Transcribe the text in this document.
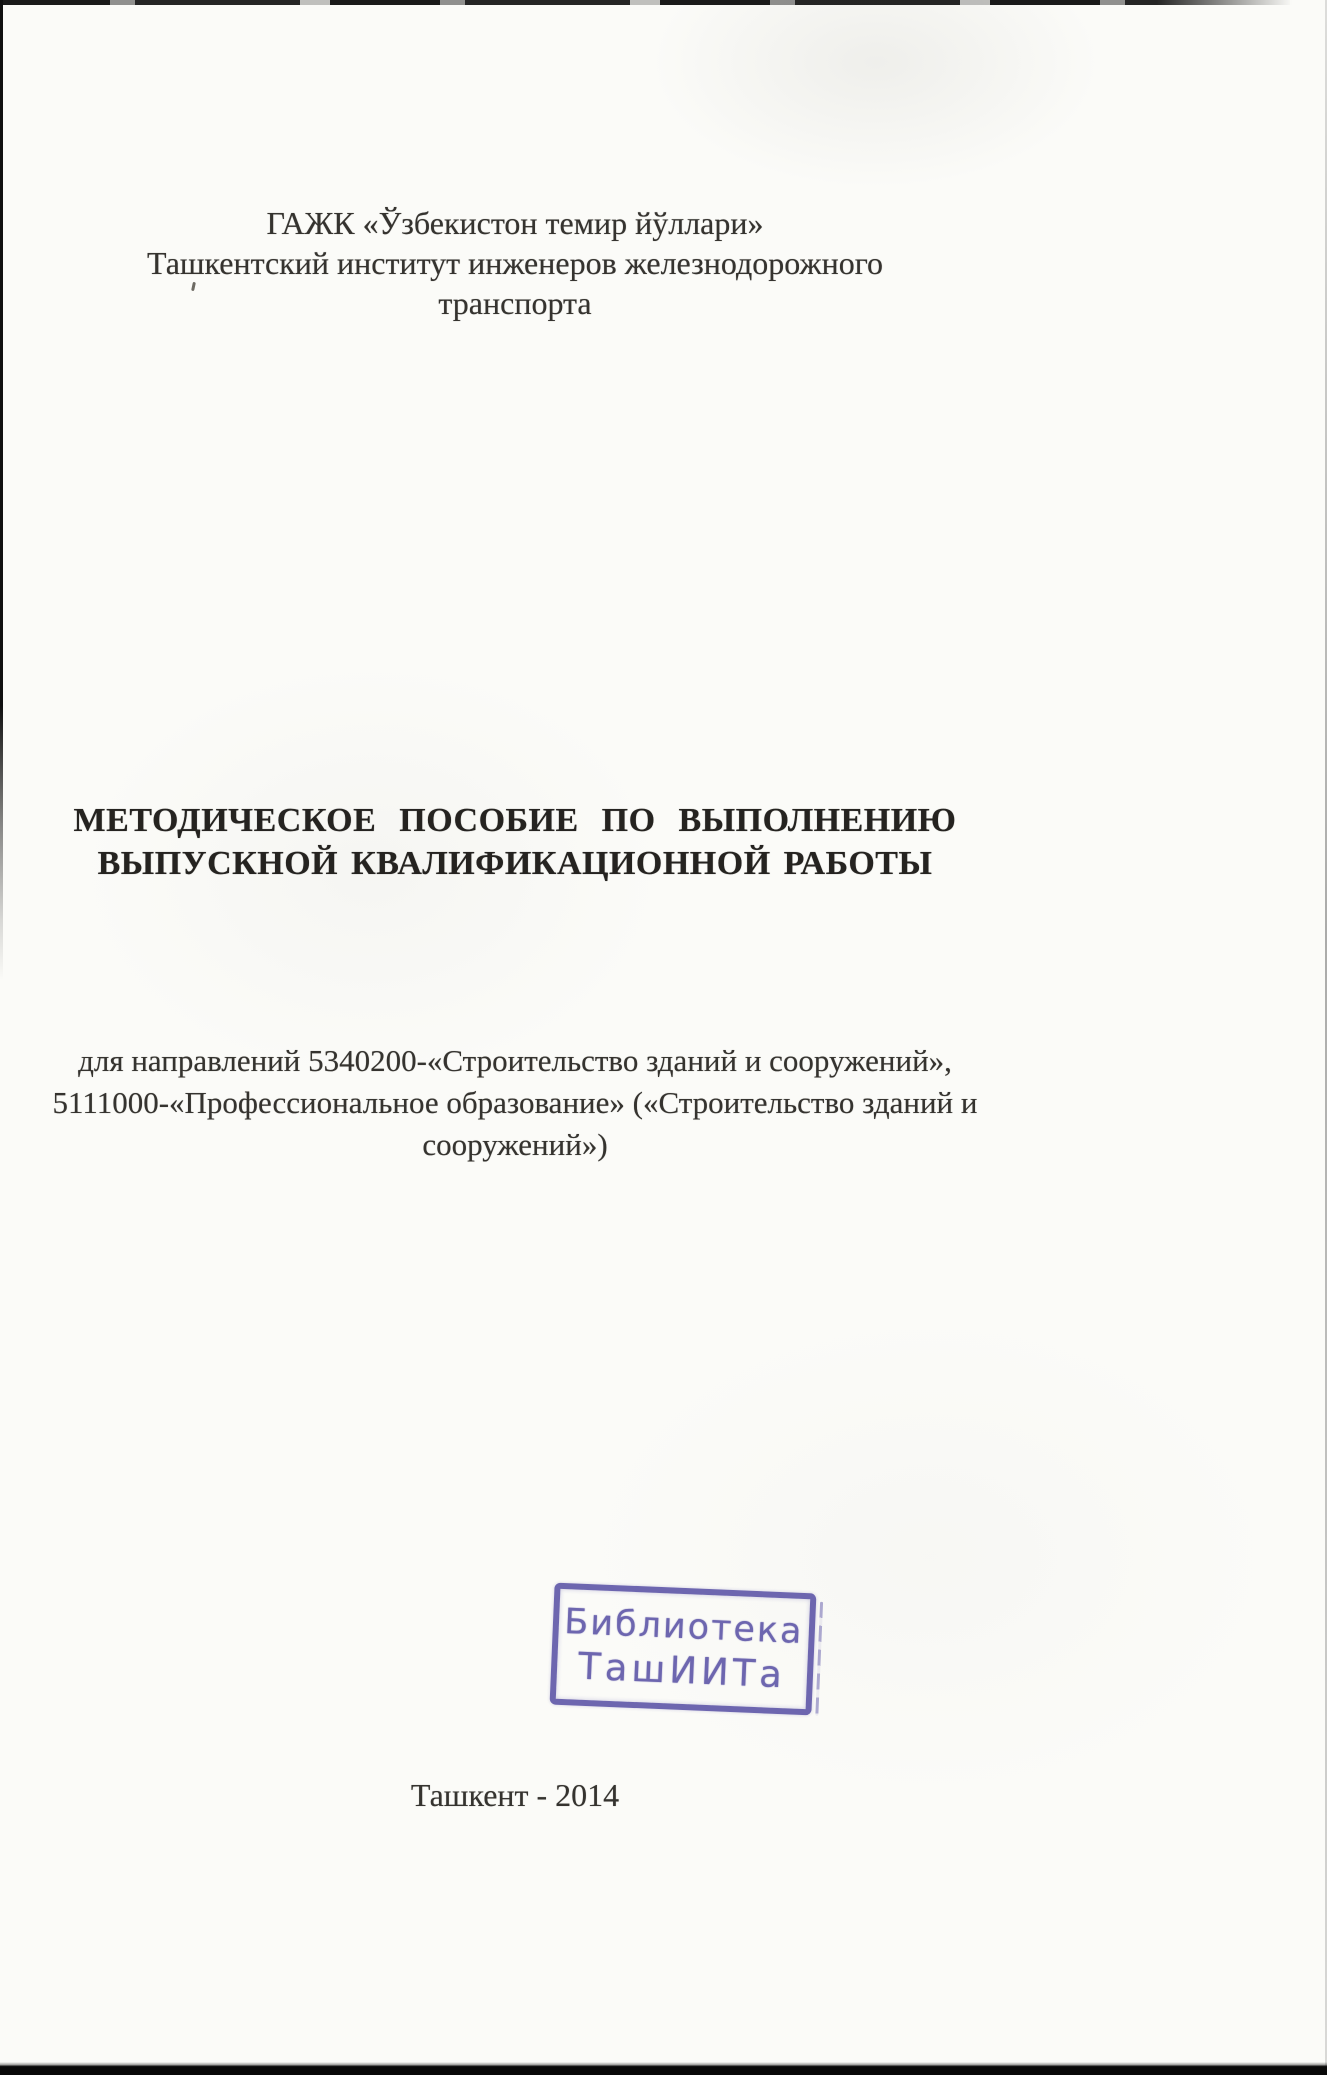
ГАЖК «Ўзбекистон темир йўллари»
Ташкентский институт инженеров железнодорожного
транспорта
МЕТОДИЧЕСКОЕ ПОСОБИЕ ПО ВЫПОЛНЕНИЮ
ВЫПУСКНОЙ КВАЛИФИКАЦИОННОЙ РАБОТЫ
для направлений 5340200-«Строительство зданий и сооружений»,
5111000-«Профессиональное образование» («Строительство зданий и
сооружений»)
Библиотека
ТашИИТа
Ташкент - 2014
